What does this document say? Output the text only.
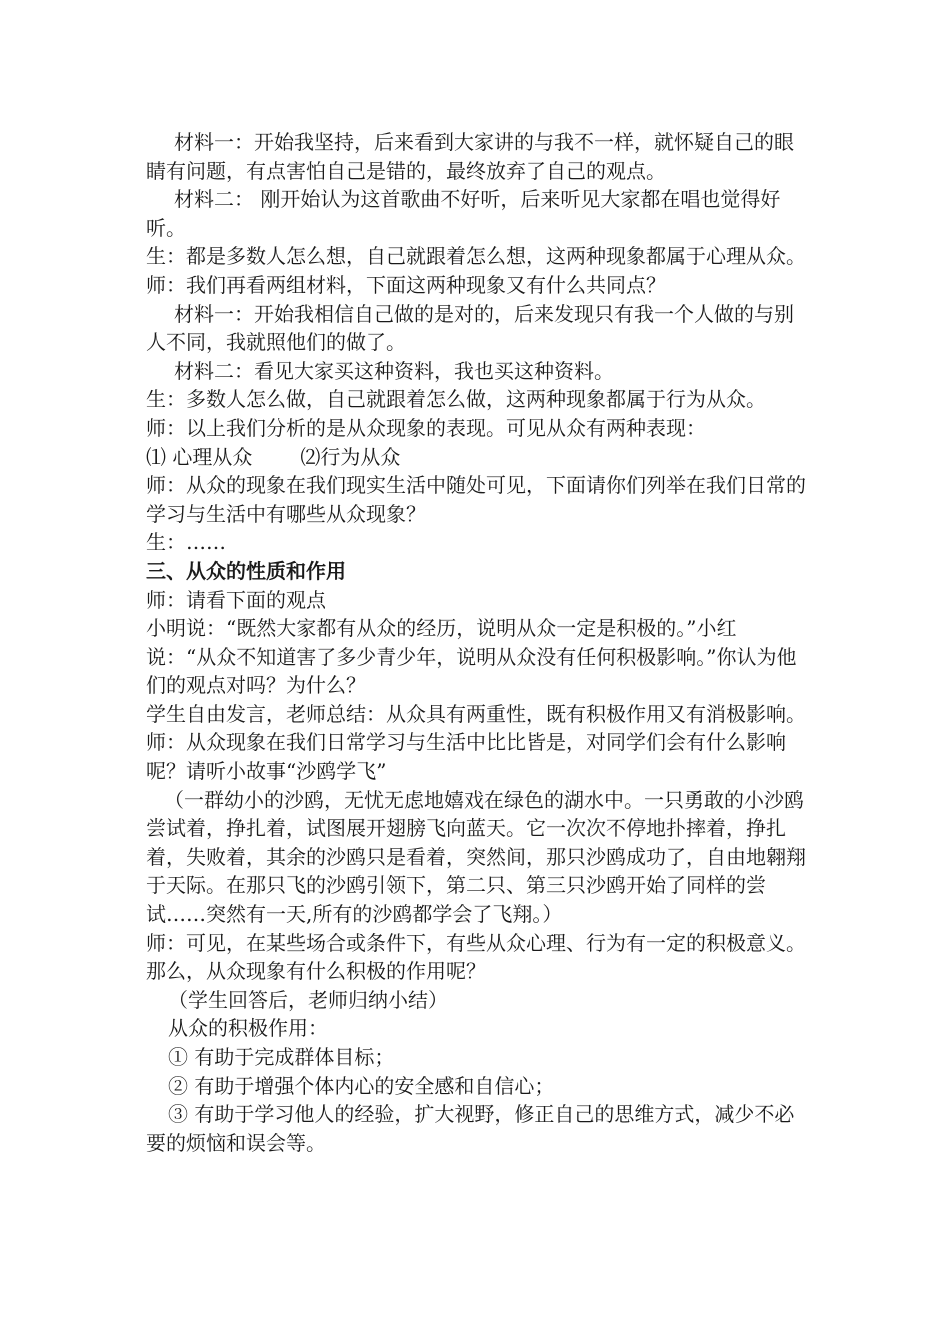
材料一：开始我坚持，后来看到大家讲的与我不一样，就怀疑自己的眼睛有问题，有点害怕自己是错的，最终放弃了自己的观点。

材料二： 刚开始认为这首歌曲不好听，后来听见大家都在唱也觉得好听。

生：都是多数人怎么想，自己就跟着怎么想，这两种现象都属于心理从众。

师：我们再看两组材料，下面这两种现象又有什么共同点？

材料一：开始我相信自己做的是对的，后来发现只有我一个人做的与别人不同，我就照他们的做了。

材料二：看见大家买这种资料，我也买这种资料。

生：多数人怎么做，自己就跟着怎么做，这两种现象都属于行为从众。

师：以上我们分析的是从众现象的表现。可见从众有两种表现：

⑴ 心理从众 ⑵行为从众

师：从众的现象在我们现实生活中随处可见，下面请你们列举在我们日常的学习与生活中有哪些从众现象？

生：……

三、从众的性质和作用

师：请看下面的观点

小明说：“既然大家都有从众的经历，说明从众一定是积极的。”小红说：“从众不知道害了多少青少年，说明从众没有任何积极影响。”你认为他们的观点对吗？为什么？

学生自由发言，老师总结：从众具有两重性，既有积极作用又有消极影响。

师：从众现象在我们日常学习与生活中比比皆是，对同学们会有什么影响呢？请听小故事“沙鸥学飞”

（一群幼小的沙鸥，无忧无虑地嬉戏在绿色的湖水中。一只勇敢的小沙鸥尝试着，挣扎着，试图展开翅膀飞向蓝天。它一次次不停地扑摔着，挣扎着，失败着，其余的沙鸥只是看着，突然间，那只沙鸥成功了，自由地翱翔于天际。在那只飞的沙鸥引领下，第二只、第三只沙鸥开始了同样的尝试……突然有一天,所有的沙鸥都学会了飞翔。）

师：可见，在某些场合或条件下，有些从众心理、行为有一定的积极意义。那么，从众现象有什么积极的作用呢？

（学生回答后，老师归纳小结）

从众的积极作用：

① 有助于完成群体目标；

② 有助于增强个体内心的安全感和自信心；

③ 有助于学习他人的经验，扩大视野，修正自己的思维方式，减少不必要的烦恼和误会等。
